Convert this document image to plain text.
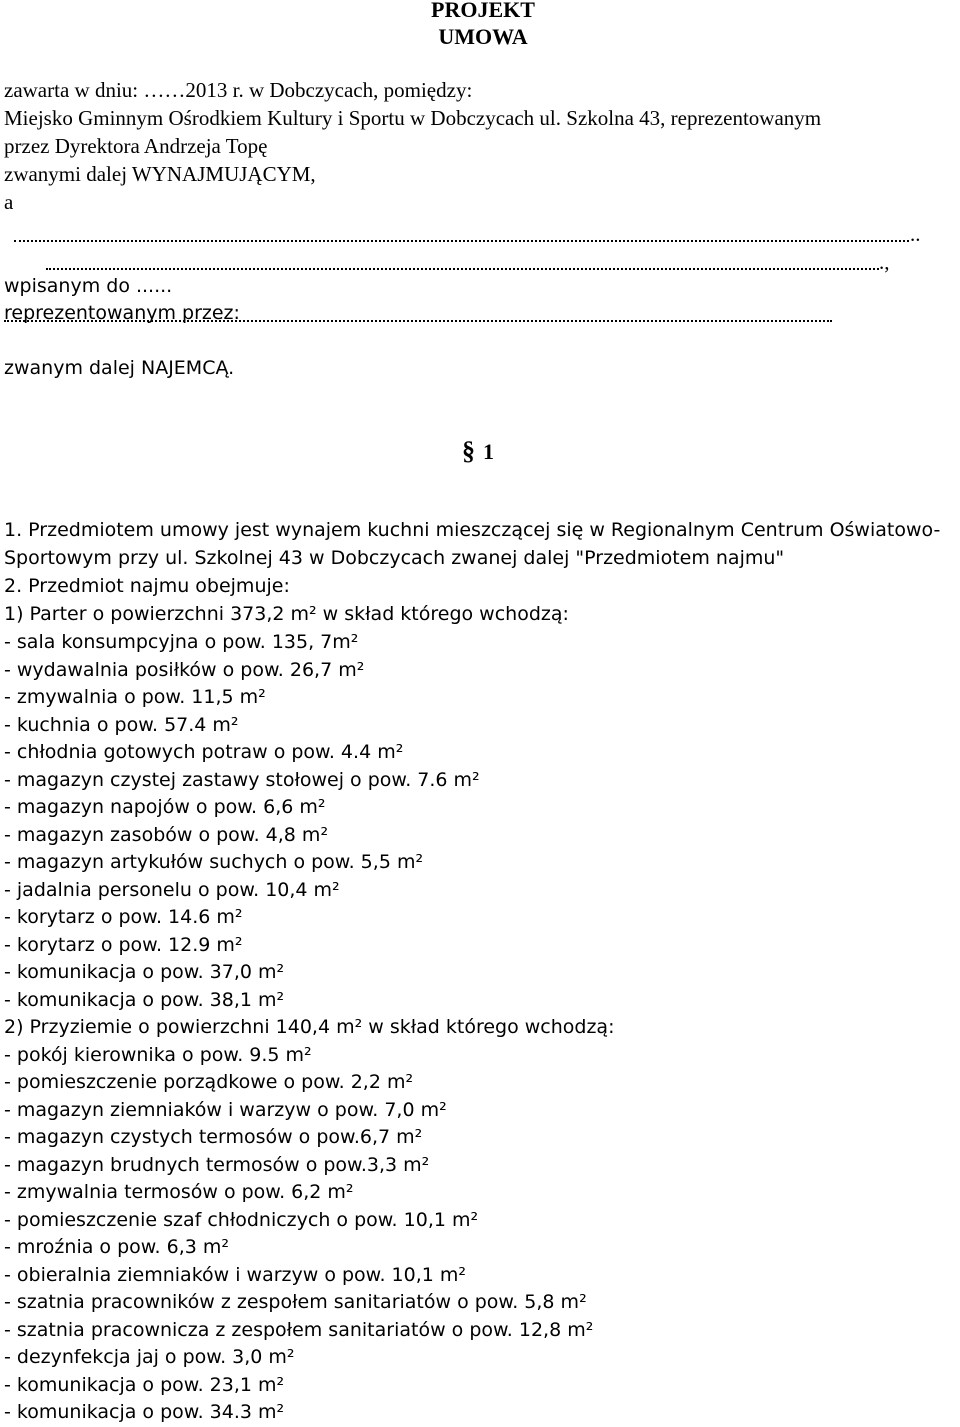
PROJEKT
UMOWA
zawarta w dniu: ……2013 r. w Dobczycach, pomiędzy:
Miejsko Gminnym Ośrodkiem Kultury i Sportu w Dobczycach ul. Szkolna 43, reprezentowanym
przez Dyrektora Andrzeja Topę
zwanymi dalej WYNAJMUJĄCYM,
a
..
.,
wpisanym do ......
reprezentowanym przez:
zwanym dalej NAJEMCĄ.
§ 1
1. Przedmiotem umowy jest wynajem kuchni mieszczącej się w Regionalnym Centrum Oświatowo-
Sportowym przy ul. Szkolnej 43 w Dobczycach zwanej dalej "Przedmiotem najmu"
2. Przedmiot najmu obejmuje:
1) Parter o powierzchni 373,2 m² w skład którego wchodzą:
- sala konsumpcyjna o pow. 135, 7m²
- wydawalnia posiłków o pow. 26,7 m²
- zmywalnia o pow. 11,5 m²
- kuchnia o pow. 57.4 m²
- chłodnia gotowych potraw o pow. 4.4 m²
- magazyn czystej zastawy stołowej o pow. 7.6 m²
- magazyn napojów o pow. 6,6 m²
- magazyn zasobów o pow. 4,8 m²
- magazyn artykułów suchych o pow. 5,5 m²
- jadalnia personelu o pow. 10,4 m²
- korytarz o pow. 14.6 m²
- korytarz o pow. 12.9 m²
- komunikacja o pow. 37,0 m²
- komunikacja o pow. 38,1 m²
2) Przyziemie o powierzchni 140,4 m² w skład którego wchodzą:
- pokój kierownika o pow. 9.5 m²
- pomieszczenie porządkowe o pow. 2,2 m²
- magazyn ziemniaków i warzyw o pow. 7,0 m²
- magazyn czystych termosów o pow.6,7 m²
- magazyn brudnych termosów o pow.3,3 m²
- zmywalnia termosów o pow. 6,2 m²
- pomieszczenie szaf chłodniczych o pow. 10,1 m²
- mroźnia o pow. 6,3 m²
- obieralnia ziemniaków i warzyw o pow. 10,1 m²
- szatnia pracowników z zespołem sanitariatów o pow. 5,8 m²
- szatnia pracownicza z zespołem sanitariatów o pow. 12,8 m²
- dezynfekcja jaj o pow. 3,0 m²
- komunikacja o pow. 23,1 m²
- komunikacja o pow. 34.3 m²
